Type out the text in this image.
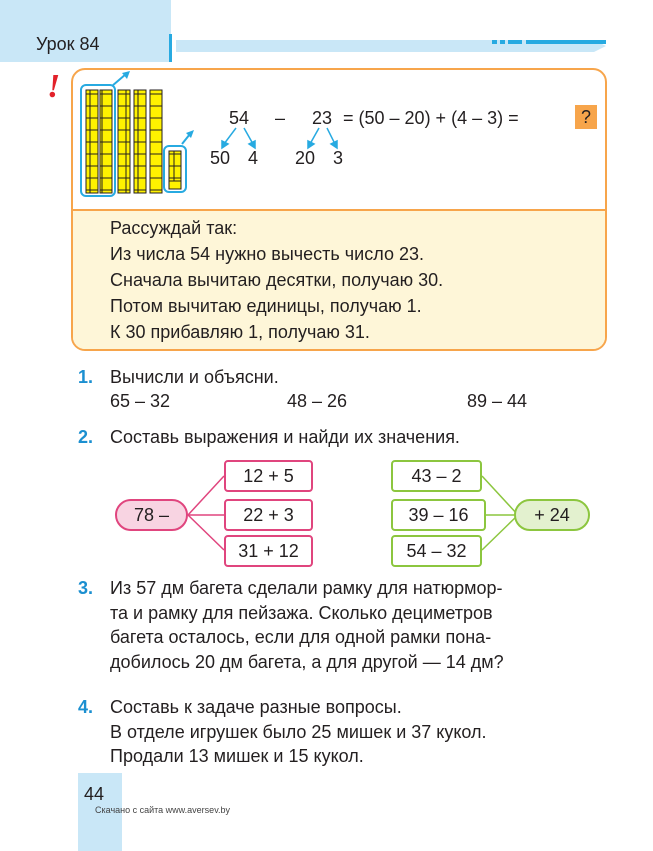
Урок 84
!
54 – 23 = (50 – 20) + (4 – 3) =	?
50 4 20 3
Рассуждай так:
Из числа 54 нужно вычесть число 23.
Сначала вычитаю десятки, получаю 30.
Потом вычитаю единицы, получаю 1.
К 30 прибавляю 1, получаю 31.
1. Вычисли и объясни.
65 – 32	48 – 26	89 – 44
2. Составь выражения и найди их значения.
78 –
12 + 5
22 + 3
31 + 12
43 – 2
39 – 16
54 – 32
+ 24
3. Из 57 дм багета сделали рамку для натюрмор-
та и рамку для пейзажа. Сколько дециметров
багета осталось, если для одной рамки пона-
добилось 20 дм багета, а для другой — 14 дм?
4. Составь к задаче разные вопросы.
В отделе игрушек было 25 мишек и 37 кукол.
Продали 13 мишек и 15 кукол.
44
Скачано с сайта www.aversev.by
